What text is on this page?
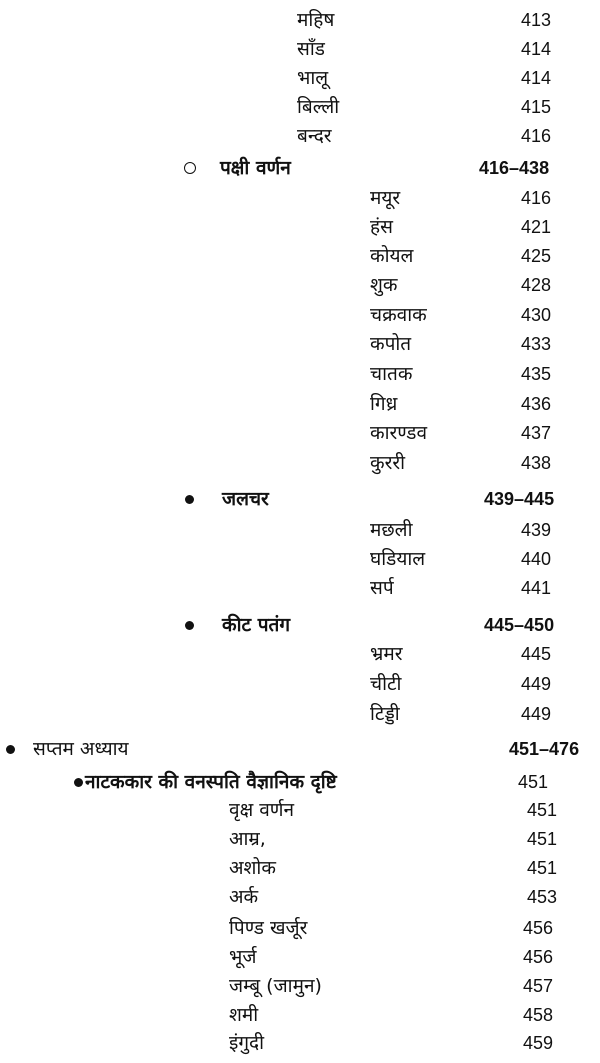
महिष	413
साँड	414
भालू	414
बिल्ली	415
बन्दर	416
पक्षी वर्णन	416–438
मयूर	416
हंस	421
कोयल	425
शुक	428
चक्रवाक	430
कपोत	433
चातक	435
गिध्र	436
कारण्डव	437
कुररी	438
जलचर	439–445
मछली	439
घडियाल	440
सर्प	441
कीट पतंग	445–450
भ्रमर	445
चीटी	449
टिड्डी	449
सप्तम अध्याय	451–476
नाटककार की वनस्पति वैज्ञानिक दृष्टि	451
वृक्ष वर्णन	451
आम्र,	451
अशोक	451
अर्क	453
पिण्ड खर्जूर	456
भूर्ज	456
जम्बू (जामुन)	457
शमी	458
इंगुदी	459
